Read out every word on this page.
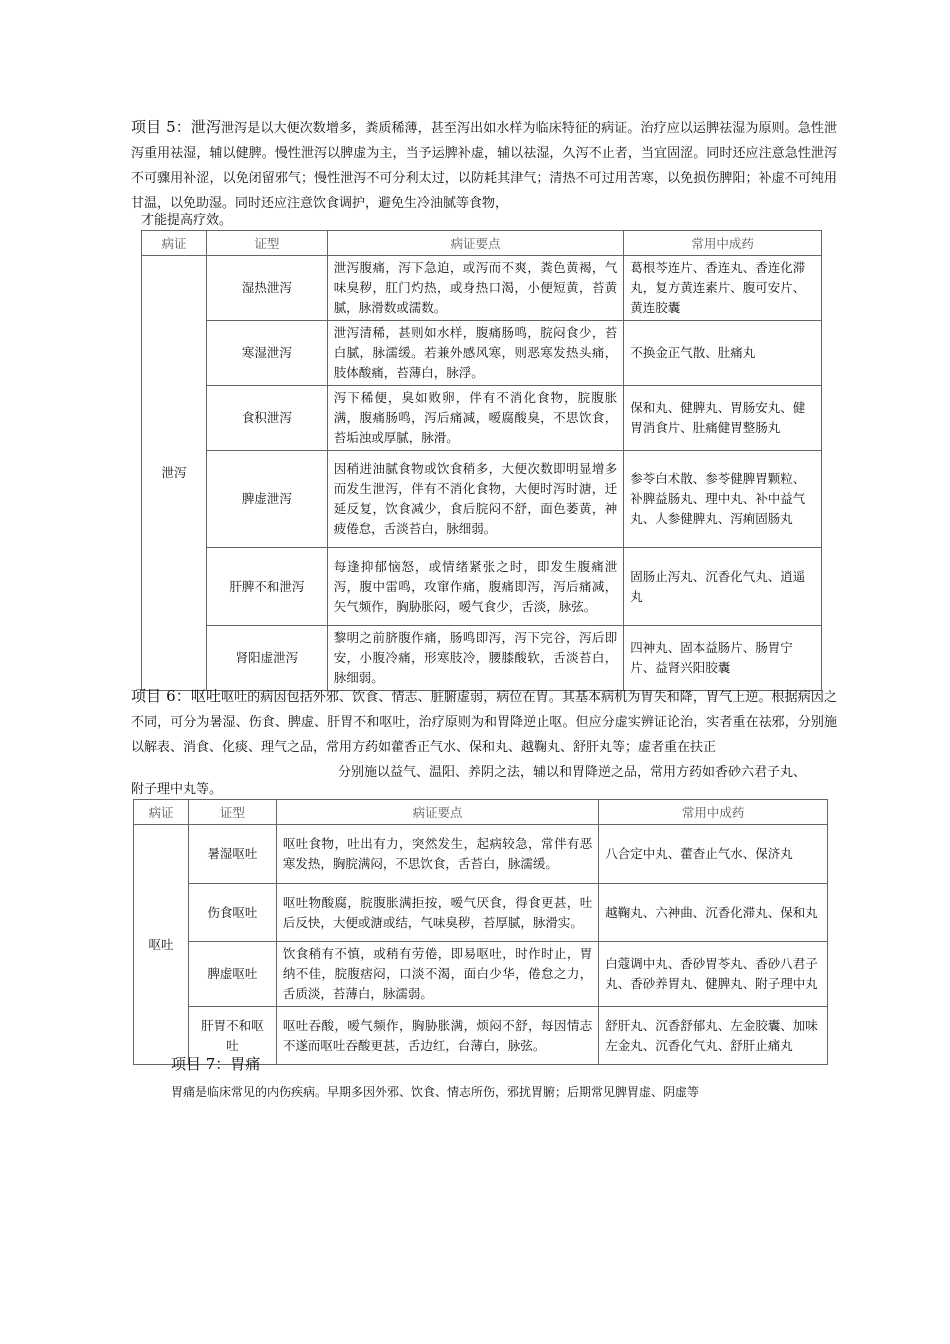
项目 5：泄泻泄泻是以大便次数增多，粪质稀薄，甚至泻出如水样为临床特征的病证。治疗应以运脾祛湿为原则。急性泄泻重用祛湿，辅以健脾。慢性泄泻以脾虚为主，当予运脾补虚，辅以祛湿，久泻不止者，当宜固涩。同时还应注意急性泄泻不可骤用补涩，以免闭留邪气；慢性泄泻不可分利太过，以防耗其津气；清热不可过用苦寒，以免损伤脾阳；补虚不可纯用甘温，以免助湿。同时还应注意饮食调护，避免生冷油腻等食物，
才能提高疗效。
病证	证型	病证要点	常用中成药
泄泻	湿热泄泻	泄泻腹痛，泻下急迫，或泻而不爽，粪色黄褐，气味臭秽，肛门灼热，或身热口渴，小便短黄，苔黄腻，脉滑数或濡数。	葛根芩连片、香连丸、香连化滞丸，复方黄连素片、腹可安片、黄连胶囊
	寒湿泄泻	泄泻清稀，甚则如水样，腹痛肠鸣，脘闷食少，苔白腻，脉濡缓。若兼外感风寒，则恶寒发热头痛，肢体酸痛，苔薄白，脉浮。	不换金正气散、肚痛丸
	食积泄泻	泻下稀便，臭如败卵，伴有不消化食物，脘腹胀满，腹痛肠鸣，泻后痛减，嗳腐酸臭，不思饮食，苔垢浊或厚腻，脉滑。	保和丸、健脾丸、胃肠安丸、健胃消食片、肚痛健胃整肠丸
	脾虚泄泻	因稍进油腻食物或饮食稍多，大便次数即明显增多而发生泄泻，伴有不消化食物，大便时泻时溏，迁延反复，饮食减少，食后脘闷不舒，面色萎黄，神疲倦怠，舌淡苔白，脉细弱。	参苓白术散、参苓健脾胃颗粒、补脾益肠丸、理中丸、补中益气丸、人参健脾丸、泻痢固肠丸
	肝脾不和泄泻	每逢抑郁恼怒，或情绪紧张之时，即发生腹痛泄泻，腹中雷鸣，攻窜作痛，腹痛即泻，泻后痛减，矢气频作，胸胁胀闷，嗳气食少，舌淡，脉弦。	固肠止泻丸、沉香化气丸、逍遥丸
	肾阳虚泄泻	黎明之前脐腹作痛，肠鸣即泻，泻下完谷，泻后即安，小腹冷痛，形寒肢冷，腰膝酸软，舌淡苔白，脉细弱。	四神丸、固本益肠片、肠胃宁片、益肾兴阳胶囊
项目 6：呕吐呕吐的病因包括外邪、饮食、情志、脏腑虚弱，病位在胃。其基本病机为胃失和降，胃气上逆。根据病因之不同，可分为暑湿、伤食、脾虚、肝胃不和呕吐，治疗原则为和胃降逆止呕。但应分虚实辨证论治，实者重在祛邪，分别施以解表、消食、化痰、理气之品，常用方药如藿香正气水、保和丸、越鞠丸、舒肝丸等；虚者重在扶正
分别施以益气、温阳、养阴之法，辅以和胃降逆之品，常用方药如香砂六君子丸、
附子理中丸等。
病证	证型	病证要点	常用中成药
呕吐	暑湿呕吐	呕吐食物，吐出有力，突然发生，起病较急，常伴有恶寒发热，胸脘满闷，不思饮食，舌苔白，脉濡缓。	八合定中丸、藿杳止气水、保济丸
	伤食呕吐	呕吐物酸腐，脘腹胀满拒按，嗳气厌食，得食更甚，吐后反快，大便或溏或结，气味臭秽，苔厚腻，脉滑实。	越鞠丸、六神曲、沉香化滞丸、保和丸
	脾虚呕吐	饮食稍有不慎，或稍有劳倦，即易呕吐，时作时止，胃纳不佳，脘腹痞闷，口淡不渴，面白少华，倦怠之力，舌质淡，苔薄白，脉濡弱。	白蔻调中丸、香砂胃苓丸、香砂八君子丸、香砂养胃丸、健脾丸、附子理中丸
	肝胃不和呕吐	呕吐吞酸，嗳气频作，胸胁胀满，烦闷不舒，每因情志不遂而呕吐吞酸更甚，舌边红，台薄白，脉弦。	舒肝丸、沉香舒郁丸、左金胶囊、加味左金丸、沉香化气丸、舒肝止痛丸
项目 7：胃痛
胃痛是临床常见的内伤疾病。早期多因外邪、饮食、情志所伤，邪扰胃腑；后期常见脾胃虚、阴虚等
